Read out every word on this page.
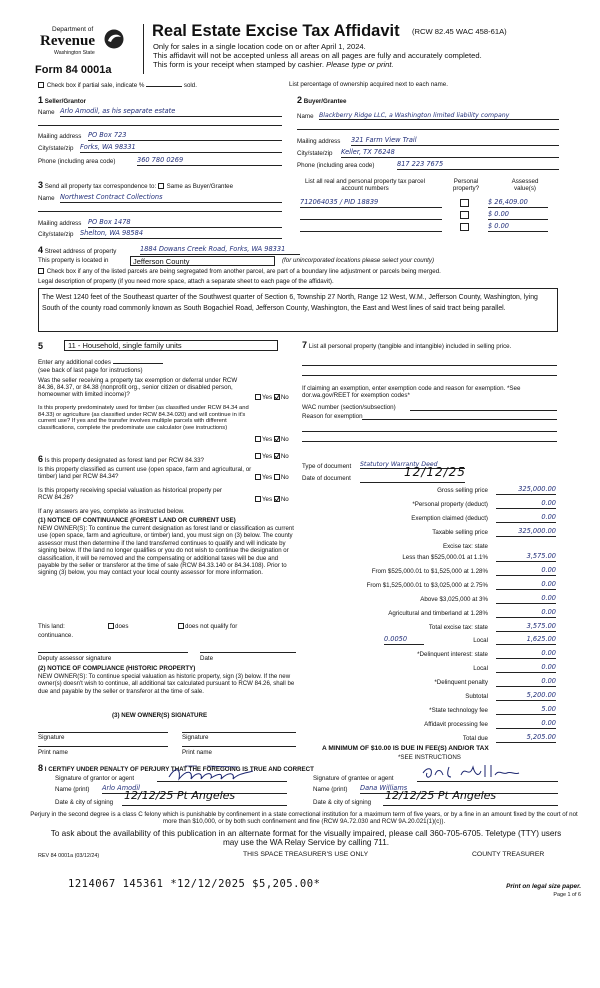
Department of
Revenue
Washington State
Form 84 0001a
Real Estate Excise Tax Affidavit (RCW 82.45 WAC 458-61A)
Only for sales in a single location code on or after April 1, 2024.
This affidavit will not be accepted unless all areas on all pages are fully and accurately completed.
This form is your receipt when stamped by cashier. Please type or print.
Check box if partial sale, indicate %	sold.	List percentage of ownership acquired next to each name.
1 Seller/Grantor
Name Arlo Amodil, as his separate estate
Mailing address PO Box 723
City/state/zip Forks, WA 98331
Phone (including area code)	360 780 0269
2 Buyer/Grantee
Name Blackberry Ridge LLC, a Washington limited liability company
Mailing address 321 Farm View Trail
City/state/zip Keller, TX 76248
Phone (including area code)	817 223 7675
3 Send all property tax correspondence to: Same as Buyer/Grantee
Name Northwest Contract Collections
Mailing address PO Box 1478
City/state/zip Shelton, WA 98584
List all real and personal property tax parcel account numbers
Personal property?
Assessed value(s)
712064035 / PID 18839	$ 26,409.00
$ 0.00
$ 0.00
4 Street address of property	1884 Dowans Creek Road, Forks, WA 98331
This property is located in	Jefferson County	(for unincorporated locations please select your county)
Check box if any of the listed parcels are being segregated from another parcel, are part of a boundary line adjustment or parcels being merged.
Legal description of property (if you need more space, attach a separate sheet to each page of the affidavit).
The West 1240 feet of the Southeast quarter of the Southwest quarter of Section 6, Township 27 North, Range 12 West, W.M., Jefferson County, Washington, lying South of the county road commonly known as South Bogachiel Road, Jefferson County, Washington, the East and West lines of said tract being parallel.
5	11 - Household, single family units
Enter any additional codes
(see back of last page for instructions)
Was the seller receiving a property tax exemption or deferral under RCW 84.36, 84.37, or 84.38 (nonprofit org., senior citizen or disabled person, homeowner with limited income)?	Yes No
Is this property predominately used for timber (as classified under RCW 84.34 and 84.33) or agriculture (as classified under RCW 84.34.020) and will continue in it's current use? If yes and the transfer involves multiple parcels with different classifications, complete the predominate use calculator (see instructions)
Yes No
6 Is this property designated as forest land per RCW 84.33?
Yes No
Is this property classified as current use (open space, farm and agricultural, or timber) land per RCW 84.34?	Yes No
Is this property receiving special valuation as historical property per RCW 84.26?	Yes No
If any answers are yes, complete as instructed below.
(1) NOTICE OF CONTINUANCE (FOREST LAND OR CURRENT USE)
NEW OWNER(S): To continue the current designation as forest land or classification as current use (open space, farm and agriculture, or timber) land, you must sign on (3) below. The county assessor must then determine if the land transferred continues to qualify and will indicate by signing below. If the land no longer qualifies or you do not wish to continue the designation or classification, it will be removed and the compensating or additional taxes will be due and payable by the seller or transferor at the time of sale (RCW 84.33.140 or 84.34.108). Prior to signing (3) below, you may contact your local county assessor for more information.
This land:	does	does not qualify for
continuance.
Deputy assessor signature	Date
(2) NOTICE OF COMPLIANCE (HISTORIC PROPERTY)
NEW OWNER(S): To continue special valuation as historic property, sign (3) below. If the new owner(s) doesn't wish to continue, all additional tax calculated pursuant to RCW 84.26, shall be due and payable by the seller or transferor at the time of sale.
(3) NEW OWNER(S) SIGNATURE
Signature	Signature
Print name	Print name
7 List all personal property (tangible and intangible) included in selling price.
If claiming an exemption, enter exemption code and reason for exemption. *See dor.wa.gov/REET for exemption codes*
WAC number (section/subsection)
Reason for exemption
Type of document Statutory Warranty Deed
Date of document	12/12/25
Gross selling price	325,000.00
*Personal property (deduct)	0.00
Exemption claimed (deduct)	0.00
Taxable selling price	325,000.00
Excise tax: state
Less than $525,000.01 at 1.1%	3,575.00
From $525,000.01 to $1,525,000 at 1.28%	0.00
From $1,525,000.01 to $3,025,000 at 2.75%	0.00
Above $3,025,000 at 3%	0.00
Agricultural and timberland at 1.28%	0.00
Total excise tax: state	3,575.00
0.0050	Local	1,625.00
*Delinquent interest: state	0.00
Local	0.00
*Delinquent penalty	0.00
Subtotal	5,200.00
*State technology fee	5.00
Affidavit processing fee	0.00
Total due	5,205.00
A MINIMUM OF $10.00 IS DUE IN FEE(S) AND/OR TAX
*SEE INSTRUCTIONS
8 I CERTIFY UNDER PENALTY OF PERJURY THAT THE FOREGOING IS TRUE AND CORRECT
Signature of grantor or agent
Name (print) Arlo Amodil
Date & city of signing
12/12/25 Pt Angeles
Signature of grantee or agent
Name (print) Dana Williams
Date & city of signing
12/12/25 Pt Angeles
Perjury in the second degree is a class C felony which is punishable by confinement in a state correctional institution for a maximum term of five years, or by a fine in an amount fixed by the court of not more than $10,000, or by both such confinement and fine (RCW 9A.72.030 and RCW 9A.20.021(1)(c)).
To ask about the availability of this publication in an alternate format for the visually impaired, please call 360-705-6705. Teletype (TTY) users may use the WA Relay Service by calling 711.
REV 84 0001a (03/12/24)	THIS SPACE TREASURER'S USE ONLY	COUNTY TREASURER
1214067 145361 *12/12/2025 $5,205.00*	Print on legal size paper.
Page 1 of 6
